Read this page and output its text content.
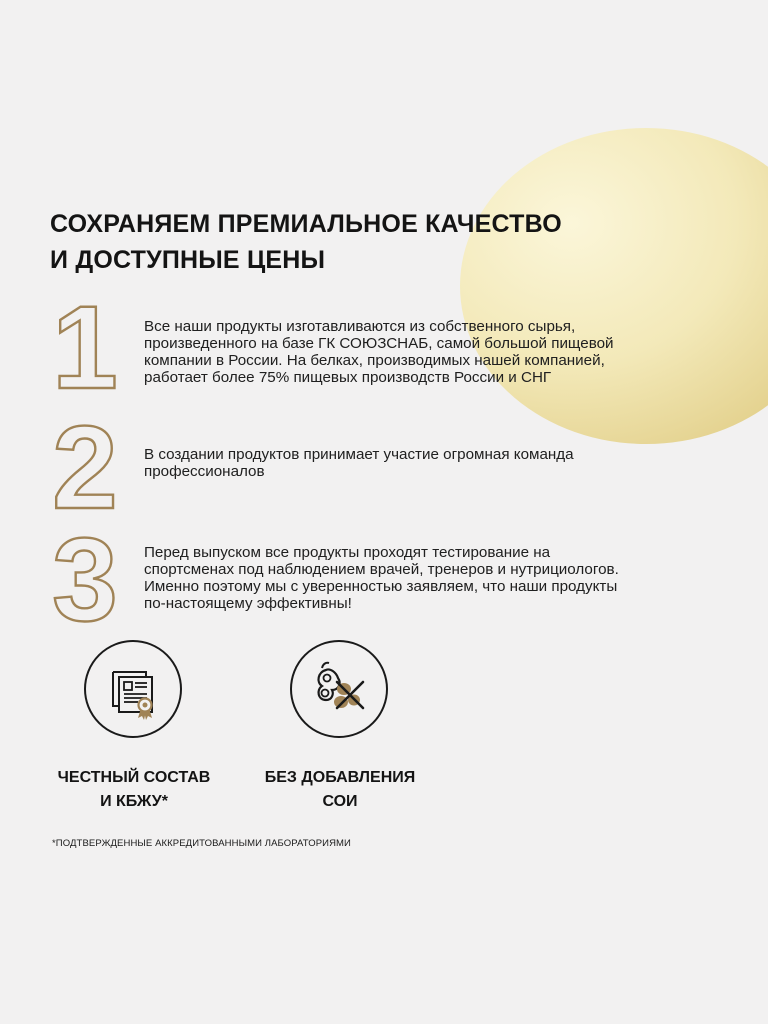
СОХРАНЯЕМ ПРЕМИАЛЬНОЕ КАЧЕСТВО
И ДОСТУПНЫЕ ЦЕНЫ
1 Все наши продукты изготавливаются из собственного сырья,
произведенного на базе ГК СОЮЗСНАБ, самой большой пищевой
компании в России. На белках, производимых нашей компанией,
работает более 75% пищевых производств России и СНГ

2 В создании продуктов принимает участие огромная команда
профессионалов

3 Перед выпуском все продукты проходят тестирование на
спортсменах под наблюдением врачей, тренеров и нутрициологов.
Именно поэтому мы с уверенностью заявляем, что наши продукты
по-настоящему эффективны!

ЧЕСТНЫЙ СОСТАВ
И КБЖУ*
БЕЗ ДОБАВЛЕНИЯ
СОИ
*ПОДТВЕРЖДЕННЫЕ АККРЕДИТОВАННЫМИ ЛАБОРАТОРИЯМИ
